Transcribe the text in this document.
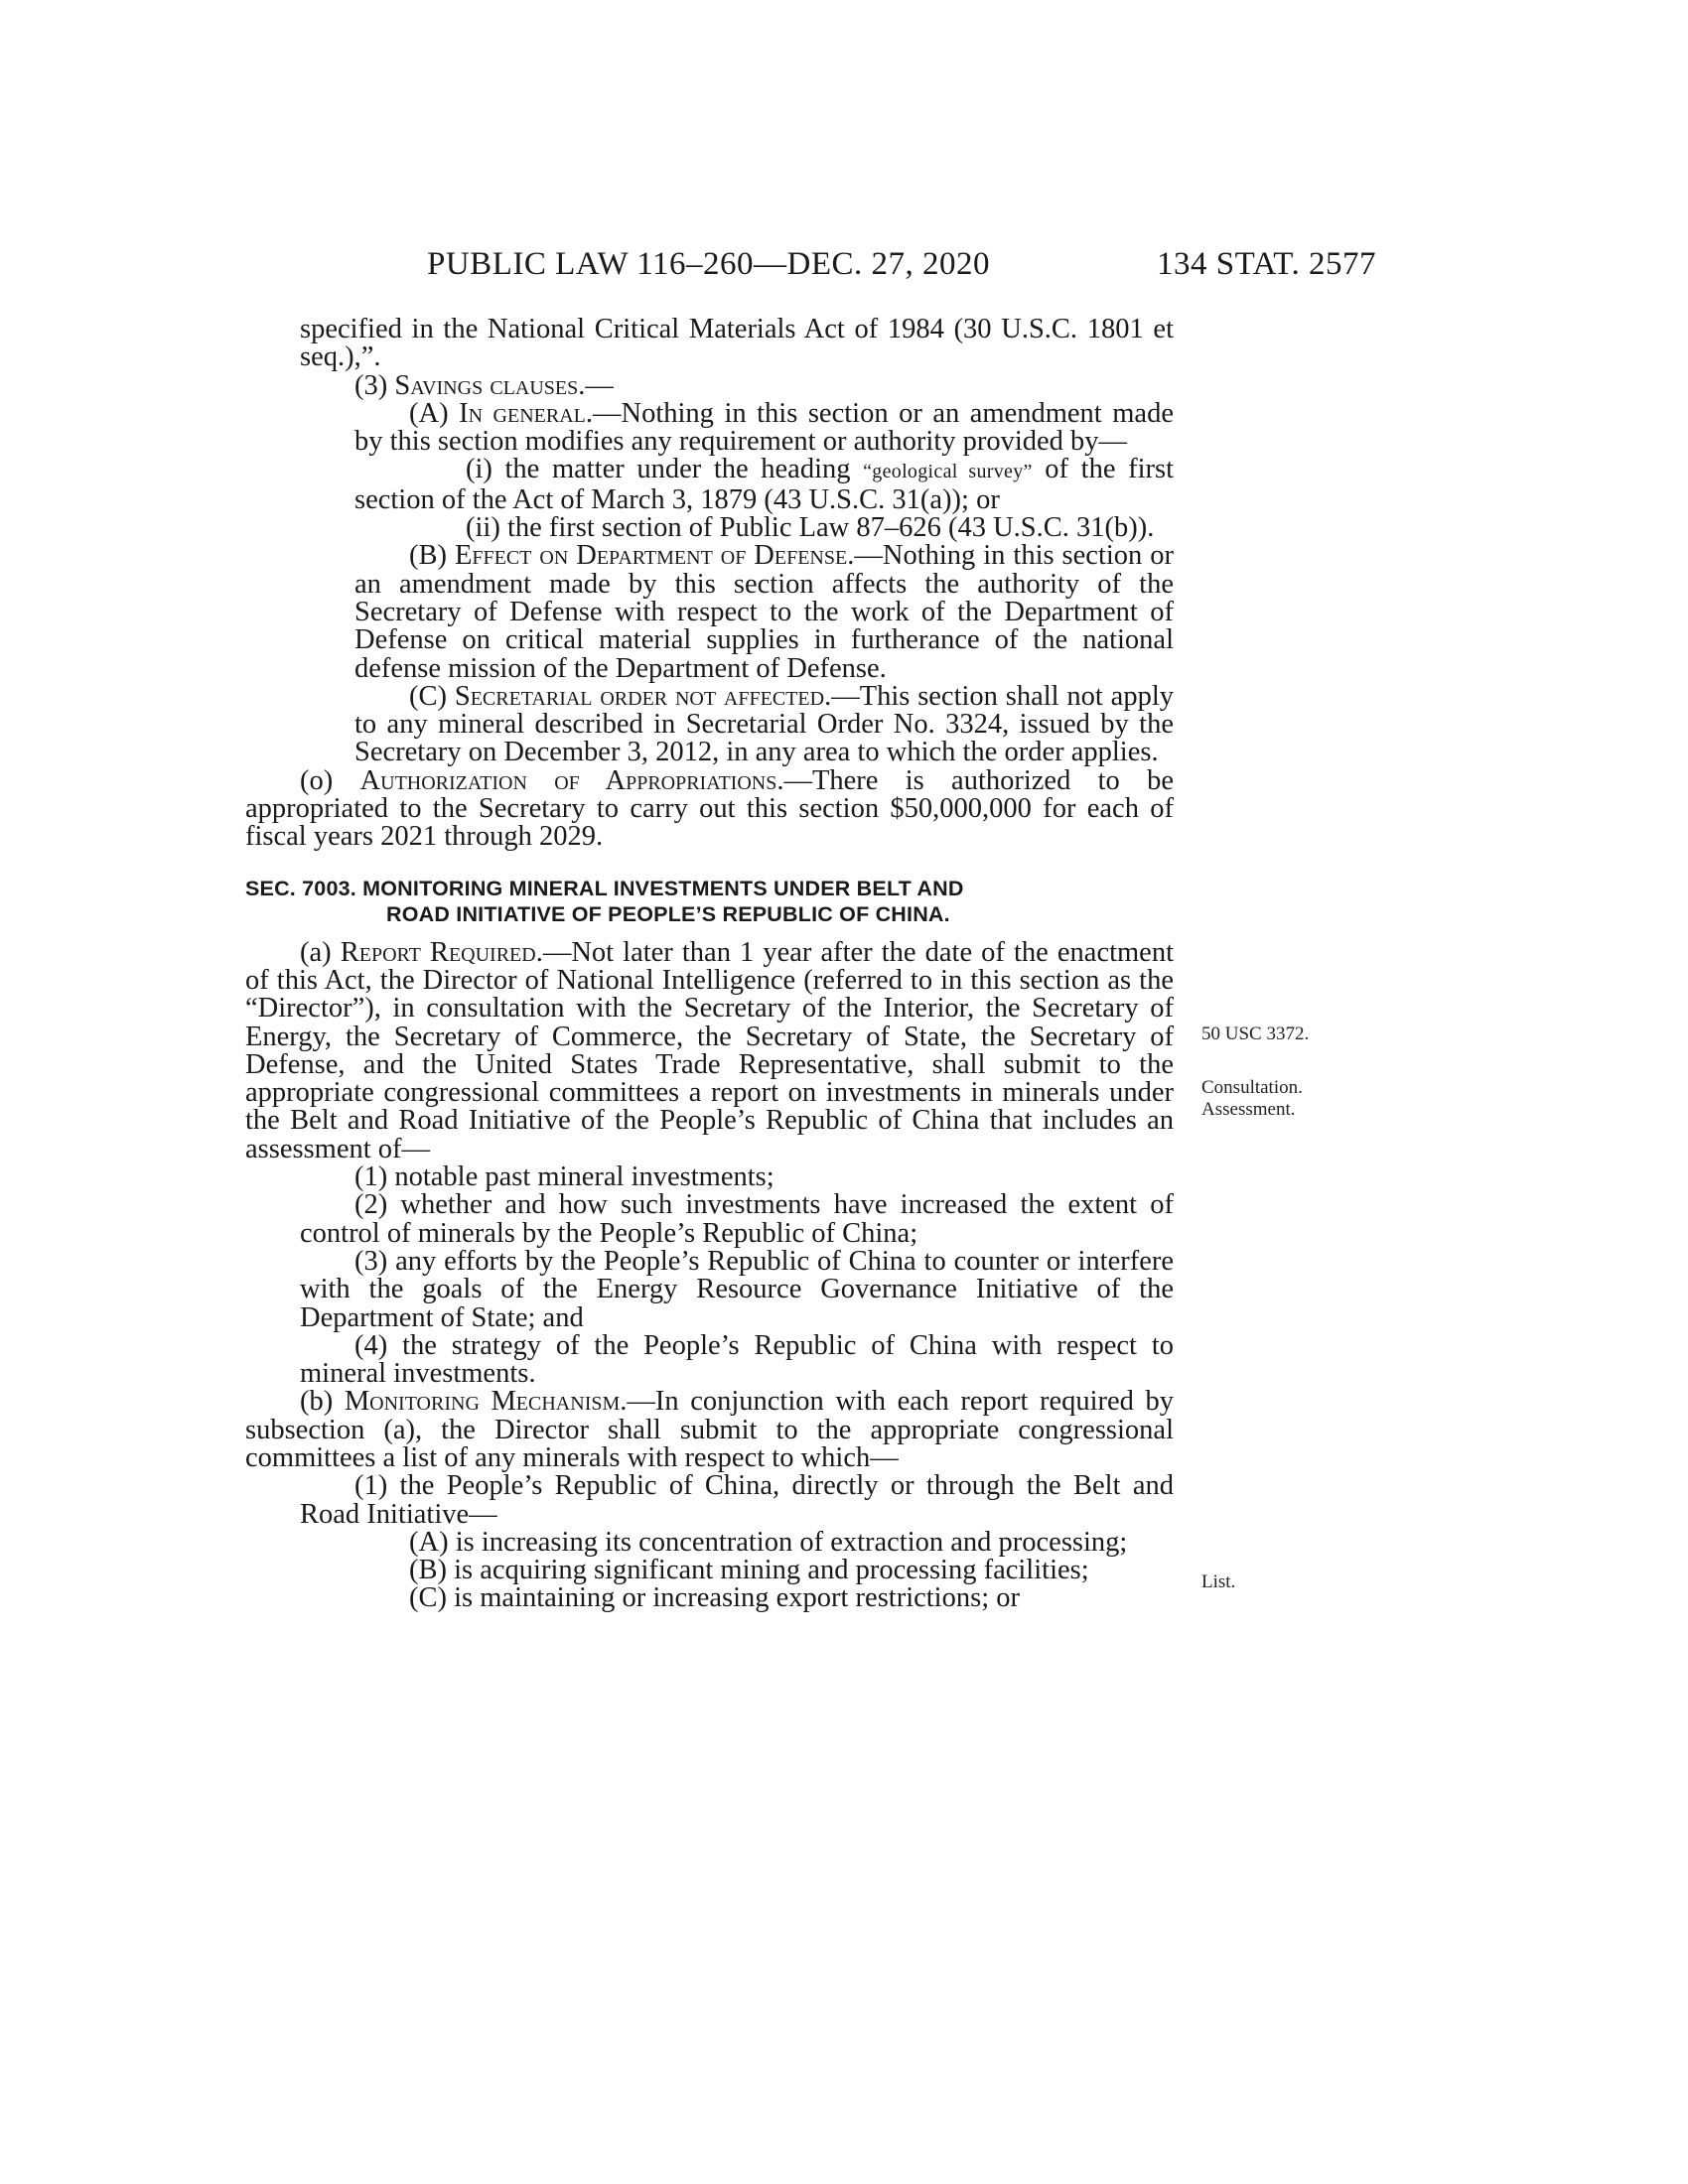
PUBLIC LAW 116–260—DEC. 27, 2020	134 STAT. 2577

specified in the National Critical Materials Act of 1984 (30 U.S.C. 1801 et seq.),”.

(3) Savings clauses.—

(A) In general.—Nothing in this section or an amendment made by this section modifies any requirement or authority provided by—

(i) the matter under the heading “geological survey” of the first section of the Act of March 3, 1879 (43 U.S.C. 31(a)); or

(ii) the first section of Public Law 87–626 (43 U.S.C. 31(b)).

(B) Effect on Department of Defense.—Nothing in this section or an amendment made by this section affects the authority of the Secretary of Defense with respect to the work of the Department of Defense on critical material supplies in furtherance of the national defense mission of the Department of Defense.

(C) Secretarial order not affected.—This section shall not apply to any mineral described in Secretarial Order No. 3324, issued by the Secretary on December 3, 2012, in any area to which the order applies.

(o) Authorization of Appropriations.—There is authorized to be appropriated to the Secretary to carry out this section $50,000,000 for each of fiscal years 2021 through 2029.

SEC. 7003. MONITORING MINERAL INVESTMENTS UNDER BELT AND
ROAD INITIATIVE OF PEOPLE’S REPUBLIC OF CHINA.

(a) Report Required.—Not later than 1 year after the date of the enactment of this Act, the Director of National Intelligence (referred to in this section as the “Director”), in consultation with the Secretary of the Interior, the Secretary of Energy, the Secretary of Commerce, the Secretary of State, the Secretary of Defense, and the United States Trade Representative, shall submit to the appropriate congressional committees a report on investments in minerals under the Belt and Road Initiative of the People’s Republic of China that includes an assessment of—

(1) notable past mineral investments;

(2) whether and how such investments have increased the extent of control of minerals by the People’s Republic of China;

(3) any efforts by the People’s Republic of China to counter or interfere with the goals of the Energy Resource Governance Initiative of the Department of State; and

(4) the strategy of the People’s Republic of China with respect to mineral investments.

(b) Monitoring Mechanism.—In conjunction with each report required by subsection (a), the Director shall submit to the appropriate congressional committees a list of any minerals with respect to which—

(1) the People’s Republic of China, directly or through the Belt and Road Initiative—

(A) is increasing its concentration of extraction and processing;

(B) is acquiring significant mining and processing facilities;

(C) is maintaining or increasing export restrictions; or

50 USC 3372.
Consultation.
Assessment.
List.
